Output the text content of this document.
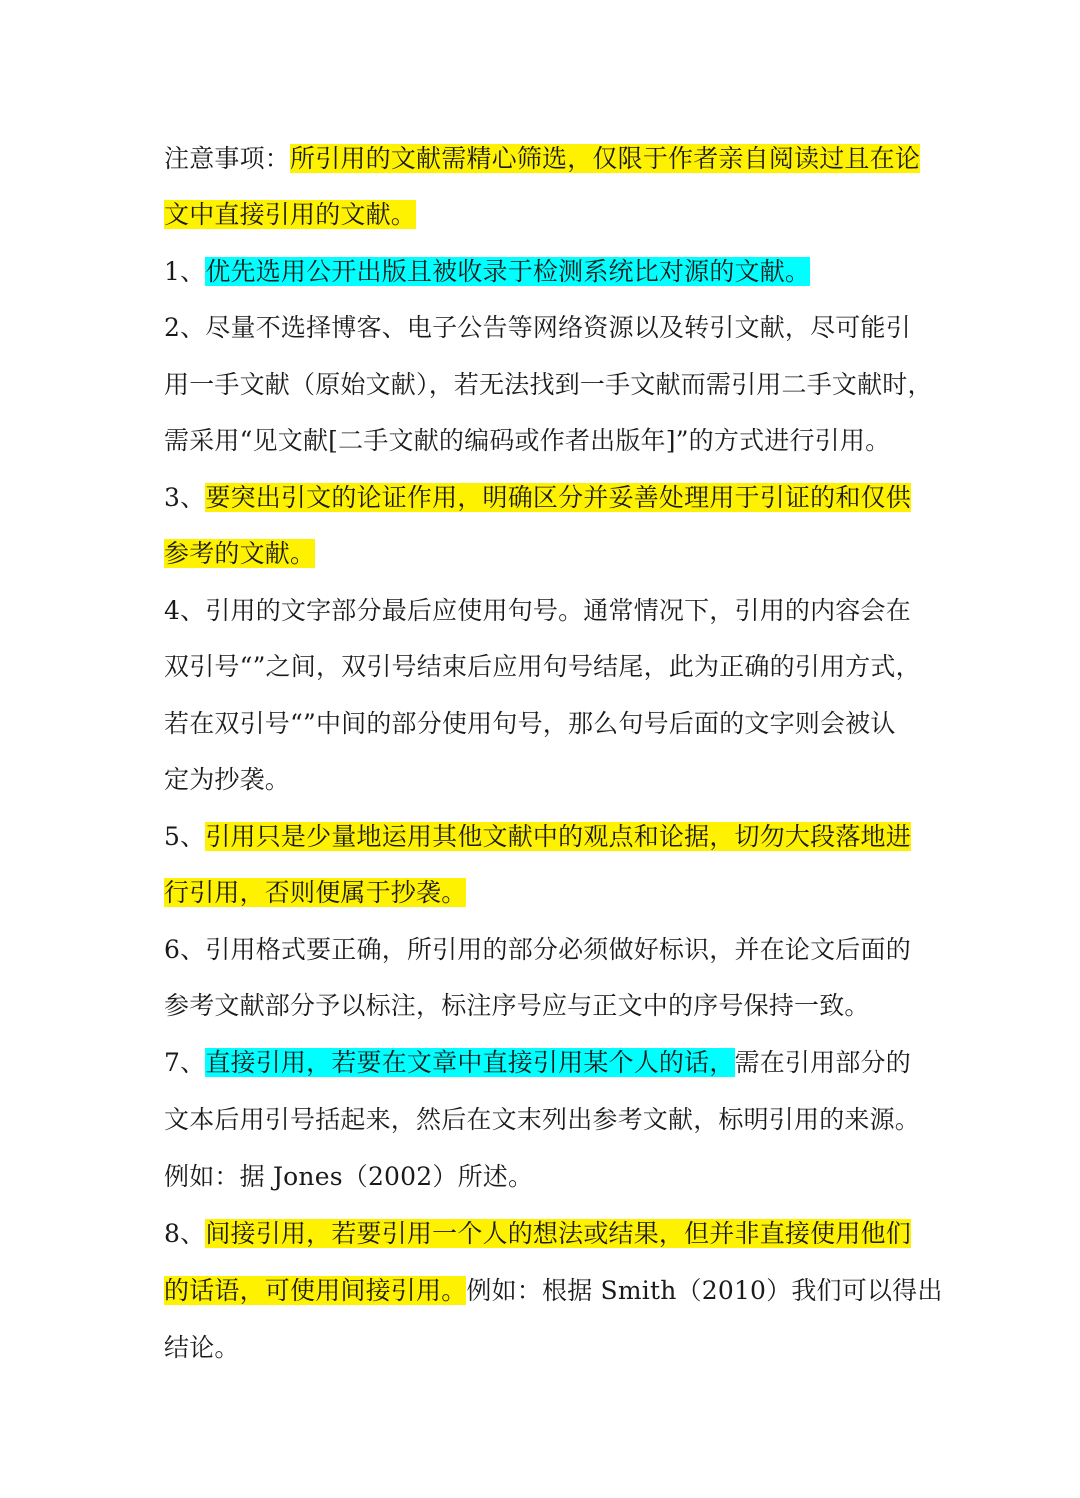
注意事项：所引用的文献需精心筛选，仅限于作者亲自阅读过且在论
文中直接引用的文献。
1、优先选用公开出版且被收录于检测系统比对源的文献。
2、尽量不选择博客、电子公告等网络资源以及转引文献，尽可能引
用一手文献（原始文献），若无法找到一手文献而需引用二手文献时，
需采用“见文献[二手文献的编码或作者出版年]”的方式进行引用。
3、要突出引文的论证作用，明确区分并妥善处理用于引证的和仅供
参考的文献。
4、引用的文字部分最后应使用句号。通常情况下，引用的内容会在
双引号“”之间，双引号结束后应用句号结尾，此为正确的引用方式，
若在双引号“”中间的部分使用句号，那么句号后面的文字则会被认
定为抄袭。
5、引用只是少量地运用其他文献中的观点和论据，切勿大段落地进
行引用，否则便属于抄袭。
6、引用格式要正确，所引用的部分必须做好标识，并在论文后面的
参考文献部分予以标注，标注序号应与正文中的序号保持一致。
7、直接引用，若要在文章中直接引用某个人的话，需在引用部分的
文本后用引号括起来，然后在文末列出参考文献，标明引用的来源。
例如：据 Jones（2002）所述。
8、间接引用，若要引用一个人的想法或结果，但并非直接使用他们
的话语，可使用间接引用。例如：根据 Smith（2010）我们可以得出
结论。
